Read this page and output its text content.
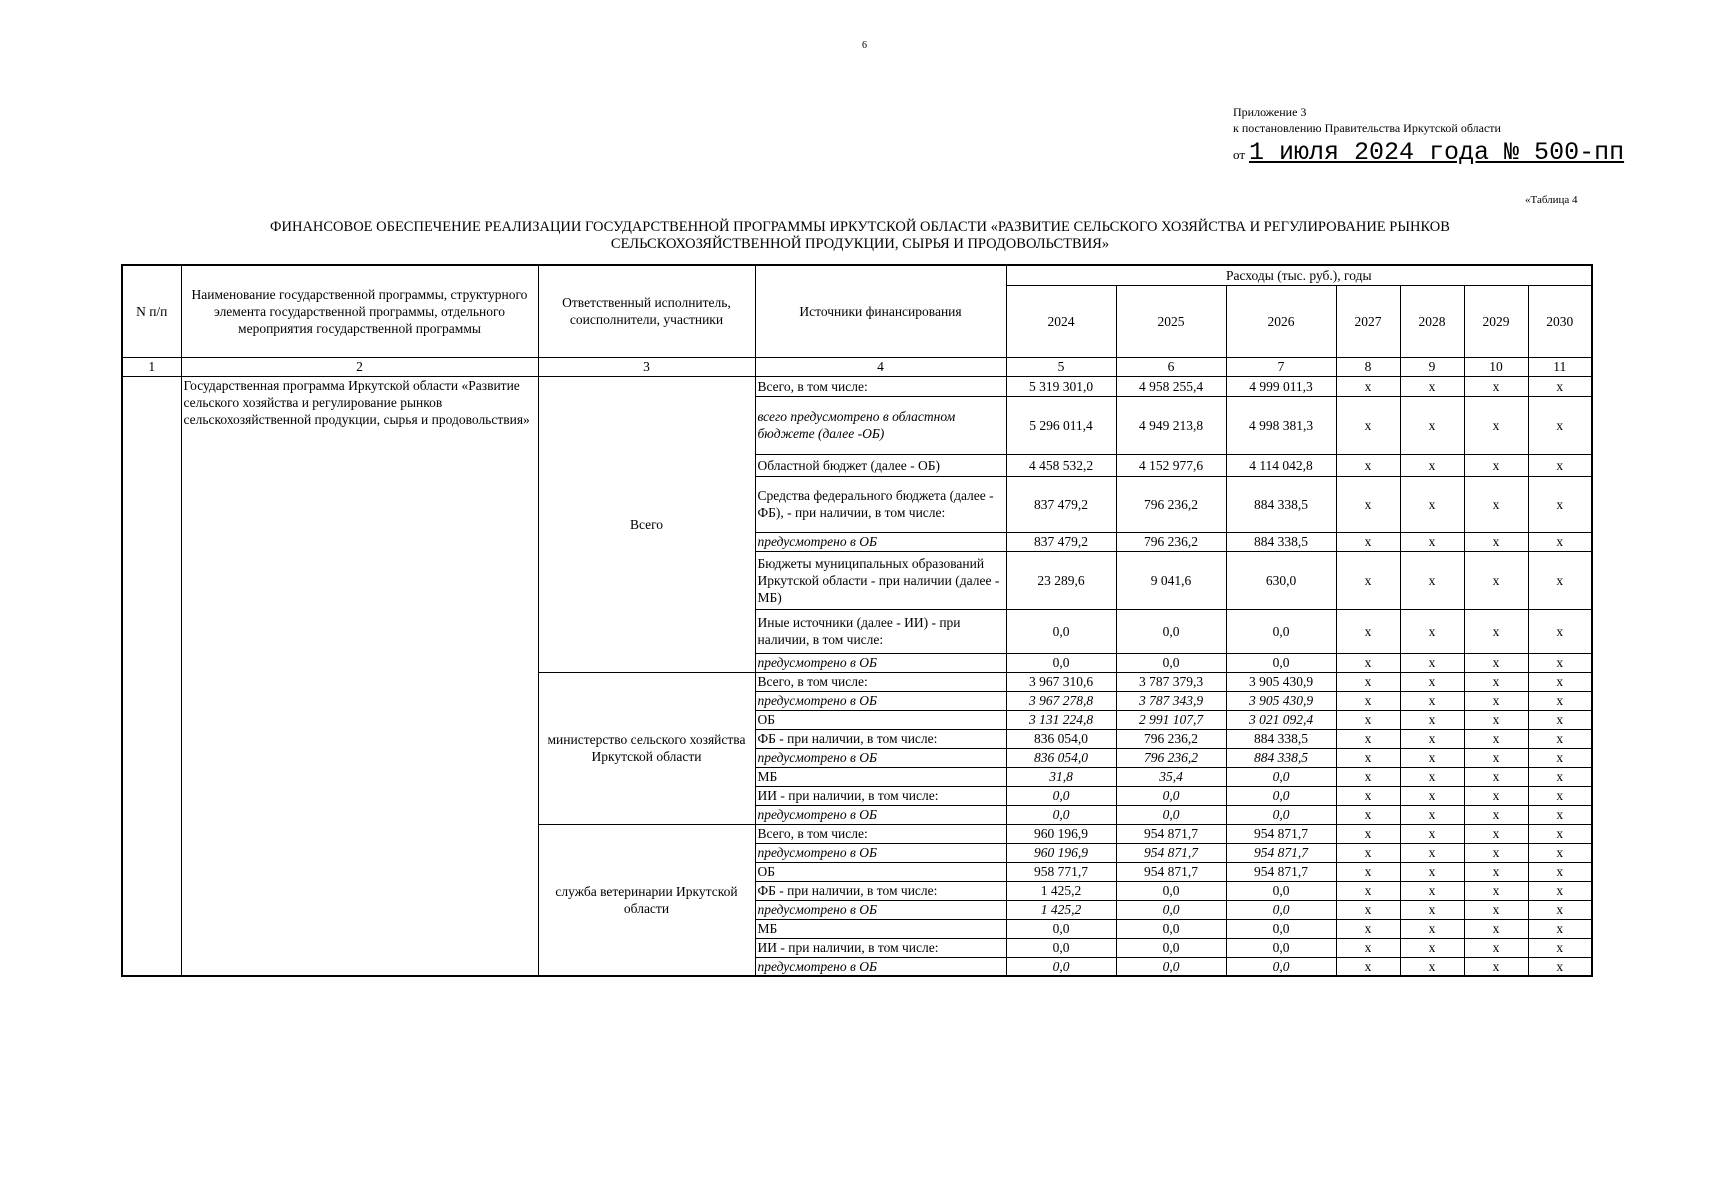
6
Приложение 3
к постановлению Правительства Иркутской области
от 1 июля 2024 года № 500-пп
«Таблица 4
ФИНАНСОВОЕ ОБЕСПЕЧЕНИЕ РЕАЛИЗАЦИИ ГОСУДАРСТВЕННОЙ ПРОГРАММЫ ИРКУТСКОЙ ОБЛАСТИ «РАЗВИТИЕ СЕЛЬСКОГО ХОЗЯЙСТВА И РЕГУЛИРОВАНИЕ РЫНКОВ
СЕЛЬСКОХОЗЯЙСТВЕННОЙ ПРОДУКЦИИ, СЫРЬЯ И ПРОДОВОЛЬСТВИЯ»
N п/п	Наименование государственной программы, структурного элемента государственной программы, отдельного мероприятия государственной программы	Ответственный исполнитель, соисполнители, участники	Источники финансирования	Расходы (тыс. руб.), годы						
				2024	2025	2026	2027	2028	2029	2030
1	2	3	4	5	6	7	8	9	10	11
	Государственная программа Иркутской области «Развитие сельского хозяйства и регулирование рынков сельскохозяйственной продукции, сырья и продовольствия»	Всего	Всего, в том числе:	5 319 301,0	4 958 255,4	4 999 011,3	х	х	х	х
			всего предусмотрено в областном бюджете (далее -ОБ)	5 296 011,4	4 949 213,8	4 998 381,3	х	х	х	х
			Областной бюджет (далее - ОБ)	4 458 532,2	4 152 977,6	4 114 042,8	х	х	х	х
			Средства федерального бюджета (далее - ФБ), - при наличии, в том числе:	837 479,2	796 236,2	884 338,5	х	х	х	х
			предусмотрено в ОБ	837 479,2	796 236,2	884 338,5	х	х	х	х
			Бюджеты муниципальных образований Иркутской области - при наличии (далее - МБ)	23 289,6	9 041,6	630,0	х	х	х	х
			Иные источники (далее - ИИ) - при наличии, в том числе:	0,0	0,0	0,0	х	х	х	х
			предусмотрено в ОБ	0,0	0,0	0,0	х	х	х	х
		министерство сельского хозяйства Иркутской области	Всего, в том числе:	3 967 310,6	3 787 379,3	3 905 430,9	х	х	х	х
			предусмотрено в ОБ	3 967 278,8	3 787 343,9	3 905 430,9	х	х	х	х
			ОБ	3 131 224,8	2 991 107,7	3 021 092,4	х	х	х	х
			ФБ - при наличии, в том числе:	836 054,0	796 236,2	884 338,5	х	х	х	х
			предусмотрено в ОБ	836 054,0	796 236,2	884 338,5	х	х	х	х
			МБ	31,8	35,4	0,0	х	х	х	х
			ИИ - при наличии, в том числе:	0,0	0,0	0,0	х	х	х	х
			предусмотрено в ОБ	0,0	0,0	0,0	х	х	х	х
		служба ветеринарии Иркутской области	Всего, в том числе:	960 196,9	954 871,7	954 871,7	х	х	х	х
			предусмотрено в ОБ	960 196,9	954 871,7	954 871,7	х	х	х	х
			ОБ	958 771,7	954 871,7	954 871,7	х	х	х	х
			ФБ - при наличии, в том числе:	1 425,2	0,0	0,0	х	х	х	х
			предусмотрено в ОБ	1 425,2	0,0	0,0	х	х	х	х
			МБ	0,0	0,0	0,0	х	х	х	х
			ИИ - при наличии, в том числе:	0,0	0,0	0,0	х	х	х	х
			предусмотрено в ОБ	0,0	0,0	0,0	х	х	х	х
